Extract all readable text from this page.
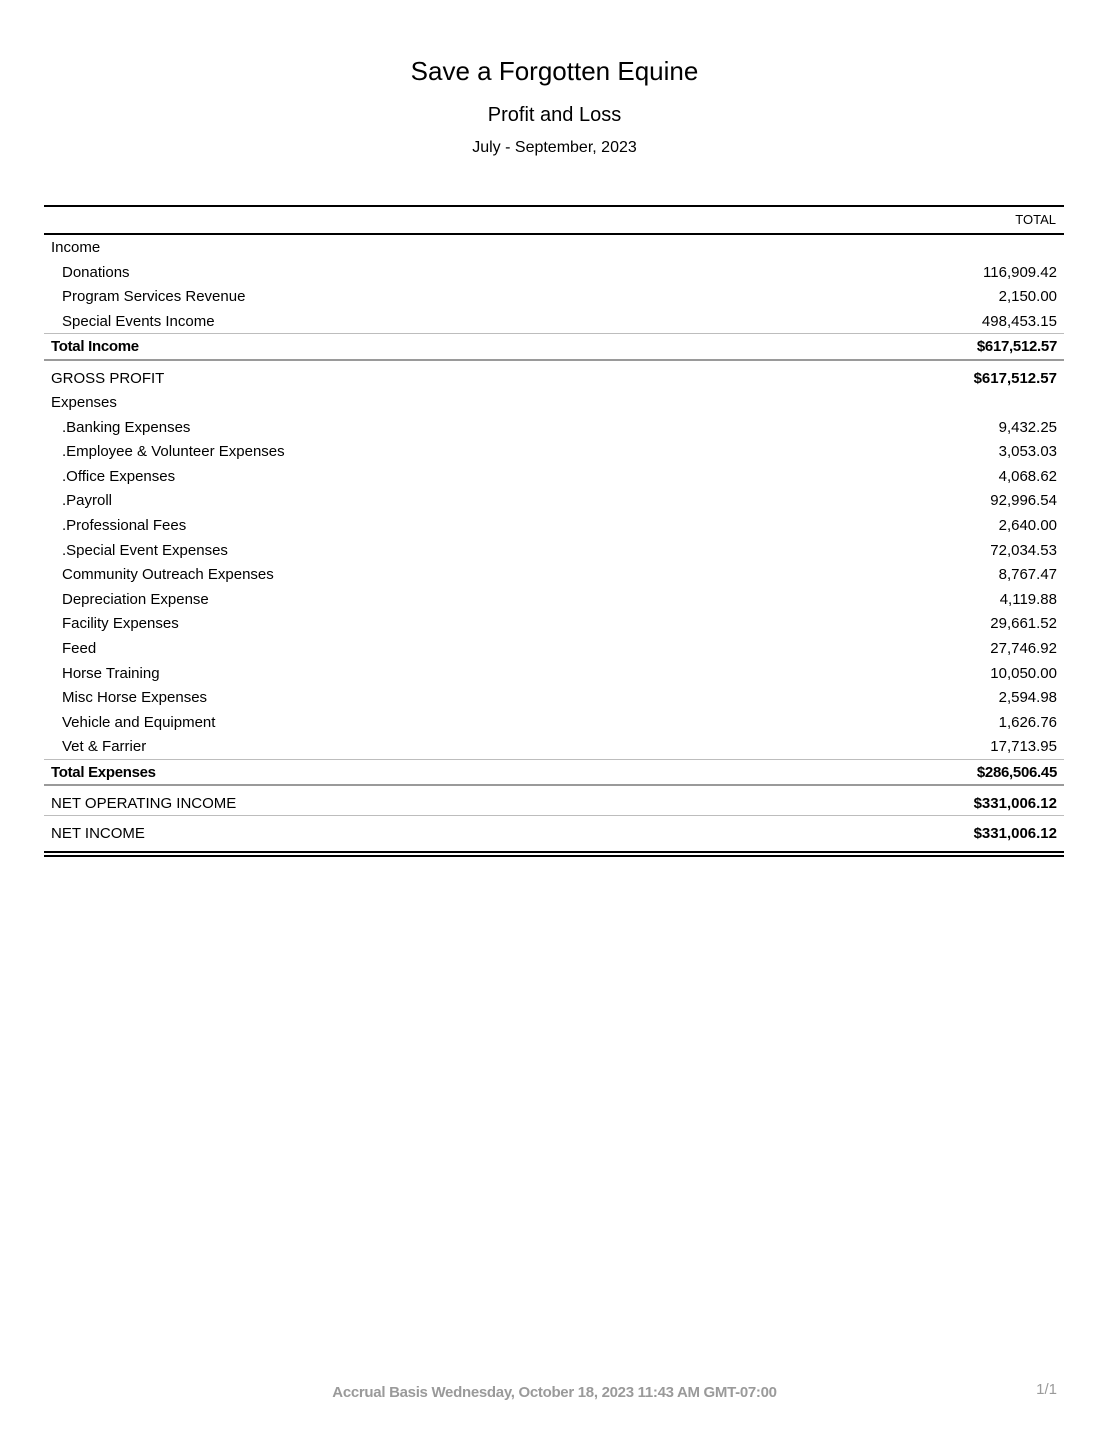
Save a Forgotten Equine
Profit and Loss
July - September, 2023
TOTAL
Income
Donations	116,909.42
Program Services Revenue	2,150.00
Special Events Income	498,453.15
Total Income	$617,512.57
GROSS PROFIT	$617,512.57
Expenses
.Banking Expenses	9,432.25
.Employee & Volunteer Expenses	3,053.03
.Office Expenses	4,068.62
.Payroll	92,996.54
.Professional Fees	2,640.00
.Special Event Expenses	72,034.53
Community Outreach Expenses	8,767.47
Depreciation Expense	4,119.88
Facility Expenses	29,661.52
Feed	27,746.92
Horse Training	10,050.00
Misc Horse Expenses	2,594.98
Vehicle and Equipment	1,626.76
Vet & Farrier	17,713.95
Total Expenses	$286,506.45
NET OPERATING INCOME	$331,006.12
NET INCOME	$331,006.12
Accrual Basis Wednesday, October 18, 2023 11:43 AM GMT-07:00	1/1
